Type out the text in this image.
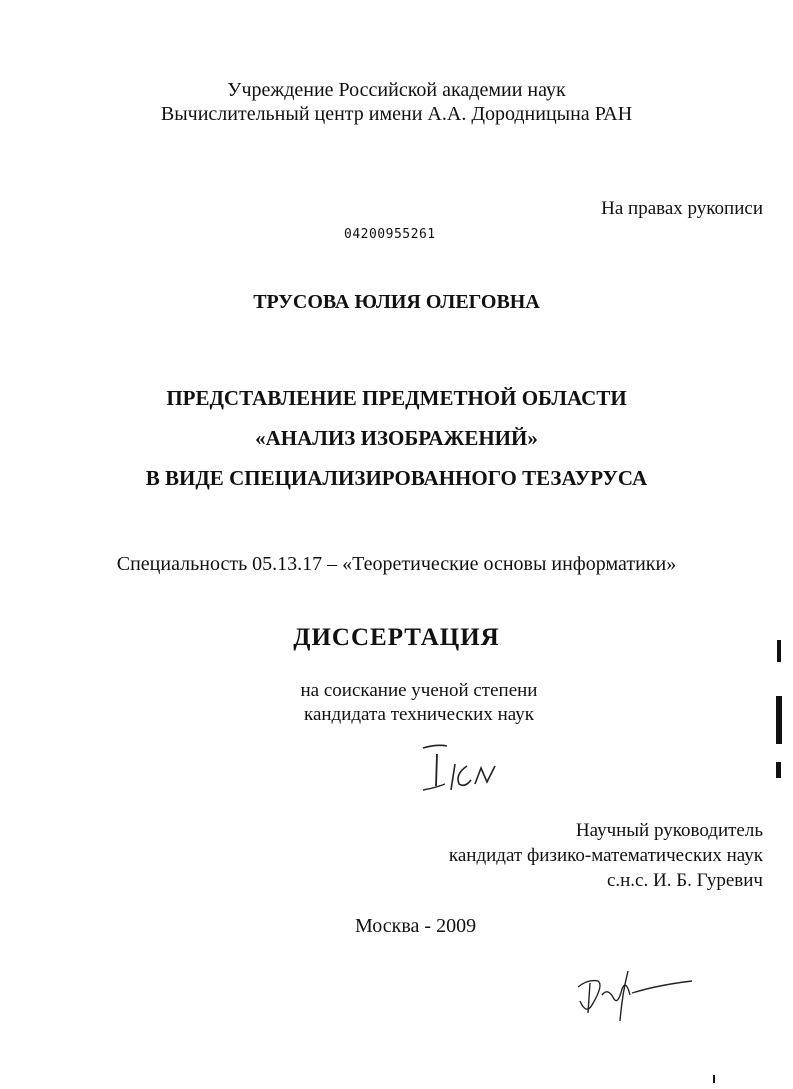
Учреждение Российской академии наук
Вычислительный центр имени А.А. Дородницына РАН
На правах рукописи
04200955261
ТРУСОВА ЮЛИЯ ОЛЕГОВНА
ПРЕДСТАВЛЕНИЕ ПРЕДМЕТНОЙ ОБЛАСТИ
«АНАЛИЗ ИЗОБРАЖЕНИЙ»
В ВИДЕ СПЕЦИАЛИЗИРОВАННОГО ТЕЗАУРУСА
Специальность 05.13.17 – «Теоретические основы информатики»
ДИССЕРТАЦИЯ
на соискание ученой степени
кандидата технических наук
Научный руководитель
кандидат физико-математических наук
с.н.с. И. Б. Гуревич
Москва - 2009
